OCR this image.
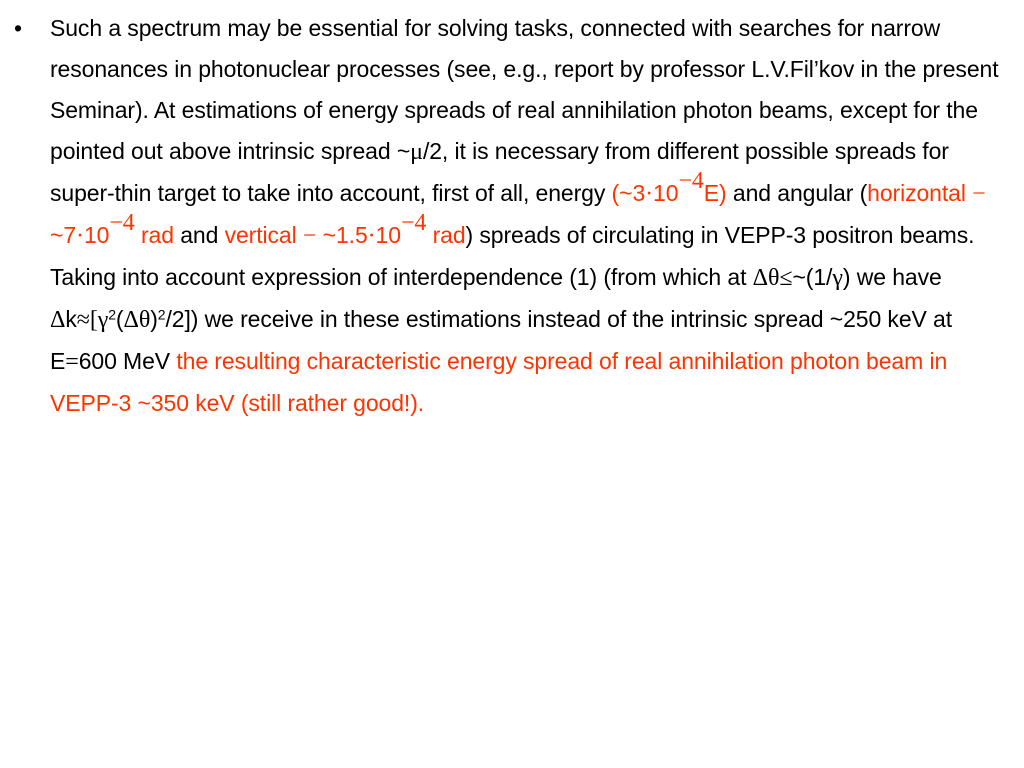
• Such a spectrum may be essential for solving tasks, connected with searches for narrow resonances in photonuclear processes (see, e.g., report by professor L.V.Fil’kov in the present Seminar). At estimations of energy spreads of real annihilation photon beams, except for the pointed out above intrinsic spread ~μ/2, it is necessary from different possible spreads for super-thin target to take into account, first of all, energy $(\sim 3\cdot 10^{-4}E)$ and angular (horizontal − $\sim 7\cdot 10^{-4}$ rad and vertical − $\sim 1.5\cdot 10^{-4}$ rad) spreads of circulating in VEPP-3 positron beams. Taking into account expression of interdependence (1) (from which at Δθ≤~(1/γ) we have $\Delta k\approx[\gamma^2(\Delta\theta)^2/2]$) we receive in these estimations instead of the intrinsic spread ~250 keV at E=600 MeV the resulting characteristic energy spread of real annihilation photon beam in VEPP-3 ~350 keV (still rather good!).
